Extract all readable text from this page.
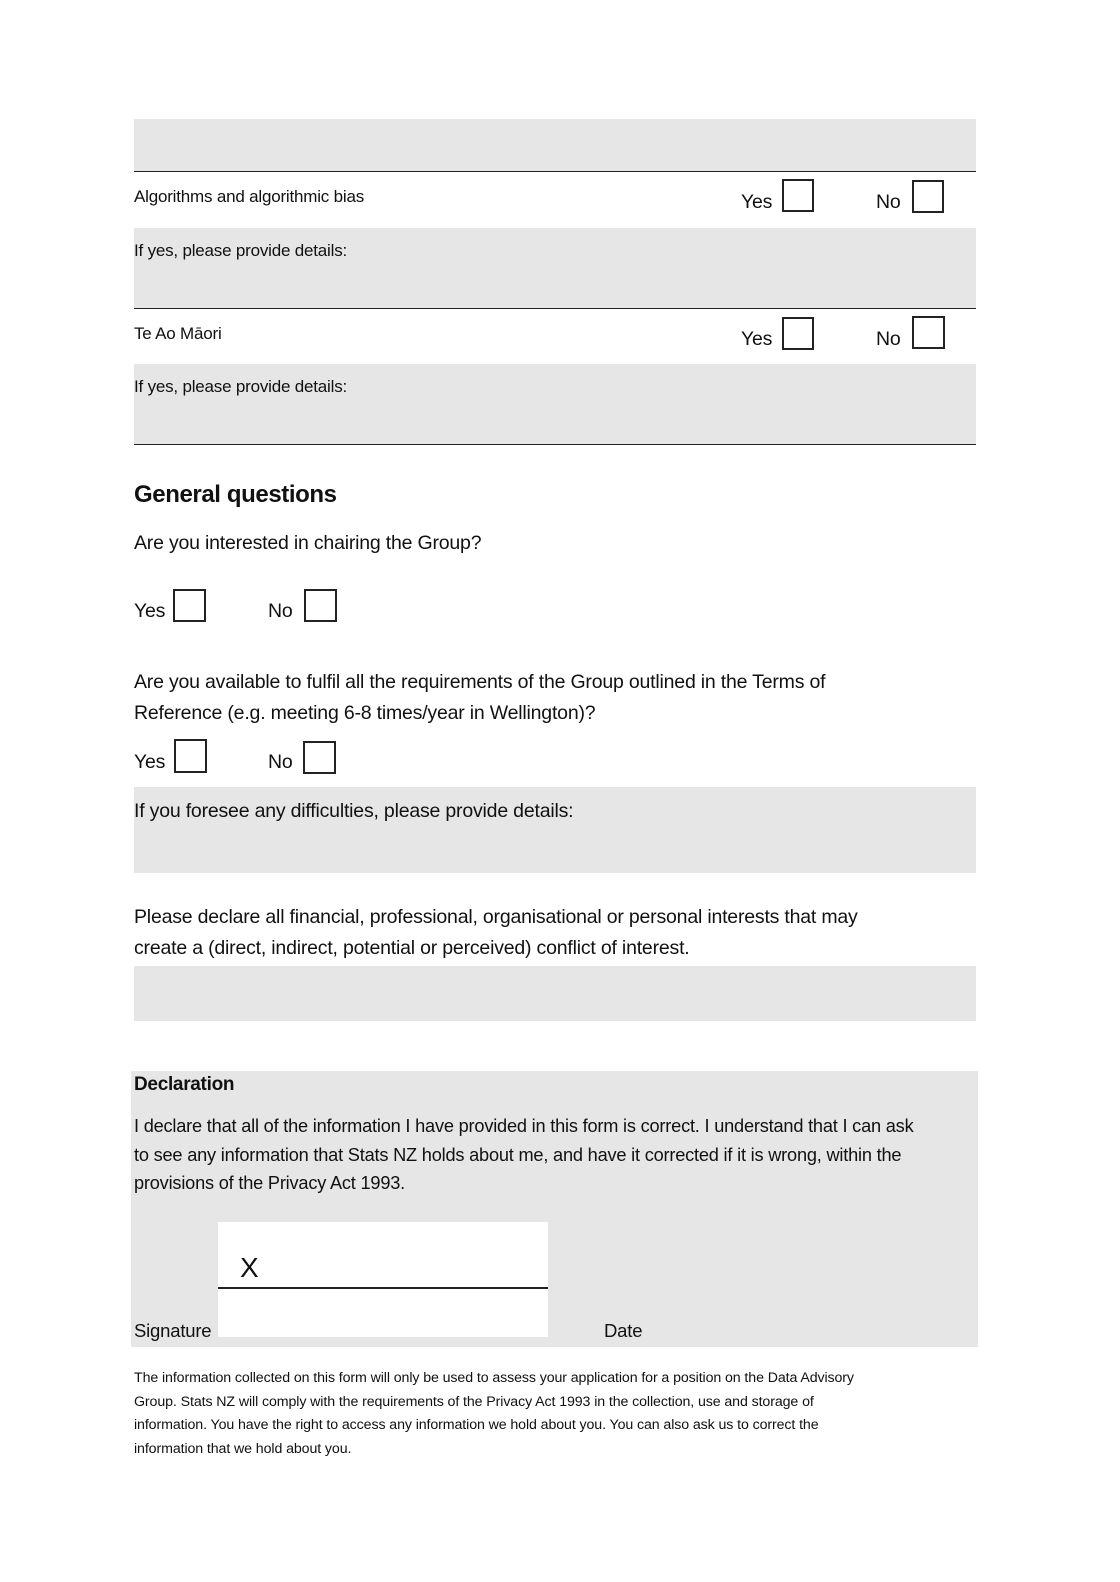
Algorithms and algorithmic bias	Yes	No
If yes, please provide details:
Te Ao Māori	Yes	No
If yes, please provide details:
General questions
Are you interested in chairing the Group?
Yes	No
Are you available to fulfil all the requirements of the Group outlined in the Terms of
Reference (e.g. meeting 6-8 times/year in Wellington)?
Yes	No
If you foresee any difficulties, please provide details:
Please declare all financial, professional, organisational or personal interests that may
create a (direct, indirect, potential or perceived) conflict of interest.
Declaration
I declare that all of the information I have provided in this form is correct. I understand that I can ask
to see any information that Stats NZ holds about me, and have it corrected if it is wrong, within the
provisions of the Privacy Act 1993.
X
Signature	Date
The information collected on this form will only be used to assess your application for a position on the Data Advisory
Group. Stats NZ will comply with the requirements of the Privacy Act 1993 in the collection, use and storage of
information. You have the right to access any information we hold about you. You can also ask us to correct the
information that we hold about you.
